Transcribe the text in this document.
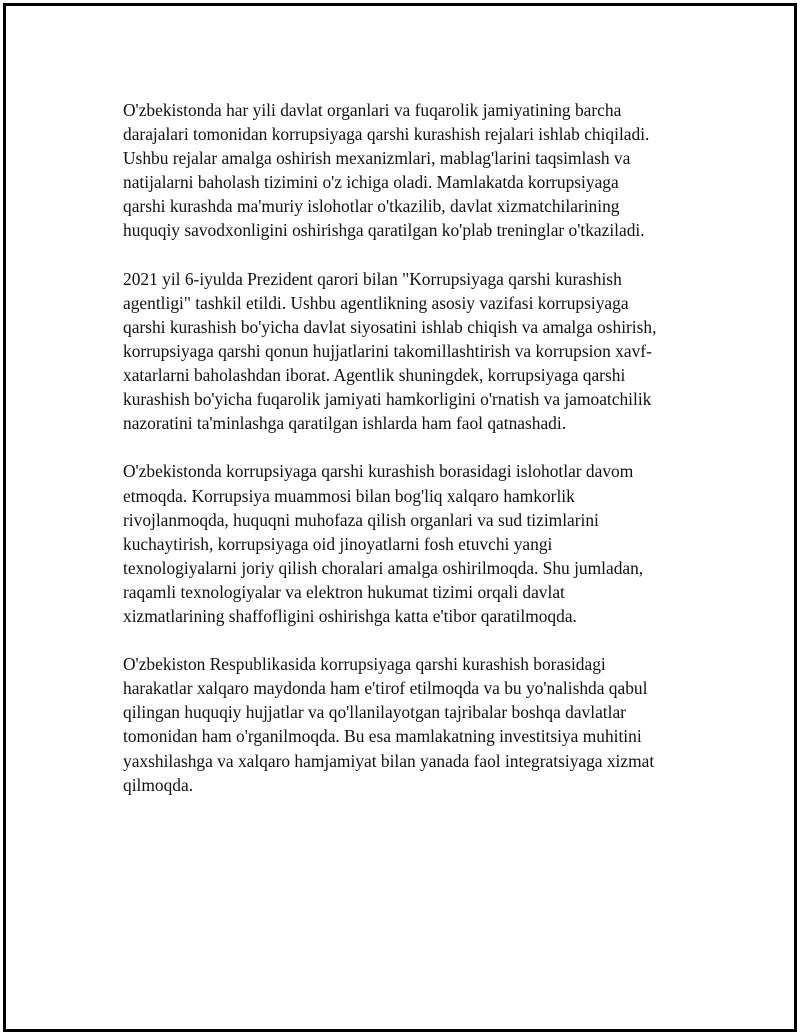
O'zbekistonda har yili davlat organlari va fuqarolik jamiyatining barcha
darajalari tomonidan korrupsiyaga qarshi kurashish rejalari ishlab chiqiladi.
Ushbu rejalar amalga oshirish mexanizmlari, mablag'larini taqsimlash va
natijalarni baholash tizimini o'z ichiga oladi. Mamlakatda korrupsiyaga
qarshi kurashda ma'muriy islohotlar o'tkazilib, davlat xizmatchilarining
huquqiy savodxonligini oshirishga qaratilgan ko'plab treninglar o'tkaziladi.

2021 yil 6-iyulda Prezident qarori bilan "Korrupsiyaga qarshi kurashish
agentligi" tashkil etildi. Ushbu agentlikning asosiy vazifasi korrupsiyaga
qarshi kurashish bo'yicha davlat siyosatini ishlab chiqish va amalga oshirish,
korrupsiyaga qarshi qonun hujjatlarini takomillashtirish va korrupsion xavf-
xatarlarni baholashdan iborat. Agentlik shuningdek, korrupsiyaga qarshi
kurashish bo'yicha fuqarolik jamiyati hamkorligini o'rnatish va jamoatchilik
nazoratini ta'minlashga qaratilgan ishlarda ham faol qatnashadi.

O'zbekistonda korrupsiyaga qarshi kurashish borasidagi islohotlar davom
etmoqda. Korrupsiya muammosi bilan bog'liq xalqaro hamkorlik
rivojlanmoqda, huquqni muhofaza qilish organlari va sud tizimlarini
kuchaytirish, korrupsiyaga oid jinoyatlarni fosh etuvchi yangi
texnologiyalarni joriy qilish choralari amalga oshirilmoqda. Shu jumladan,
raqamli texnologiyalar va elektron hukumat tizimi orqali davlat
xizmatlarining shaffofligini oshirishga katta e'tibor qaratilmoqda.

O'zbekiston Respublikasida korrupsiyaga qarshi kurashish borasidagi
harakatlar xalqaro maydonda ham e'tirof etilmoqda va bu yo'nalishda qabul
qilingan huquqiy hujjatlar va qo'llanilayotgan tajribalar boshqa davlatlar
tomonidan ham o'rganilmoqda. Bu esa mamlakatning investitsiya muhitini
yaxshilashga va xalqaro hamjamiyat bilan yanada faol integratsiyaga xizmat
qilmoqda.
